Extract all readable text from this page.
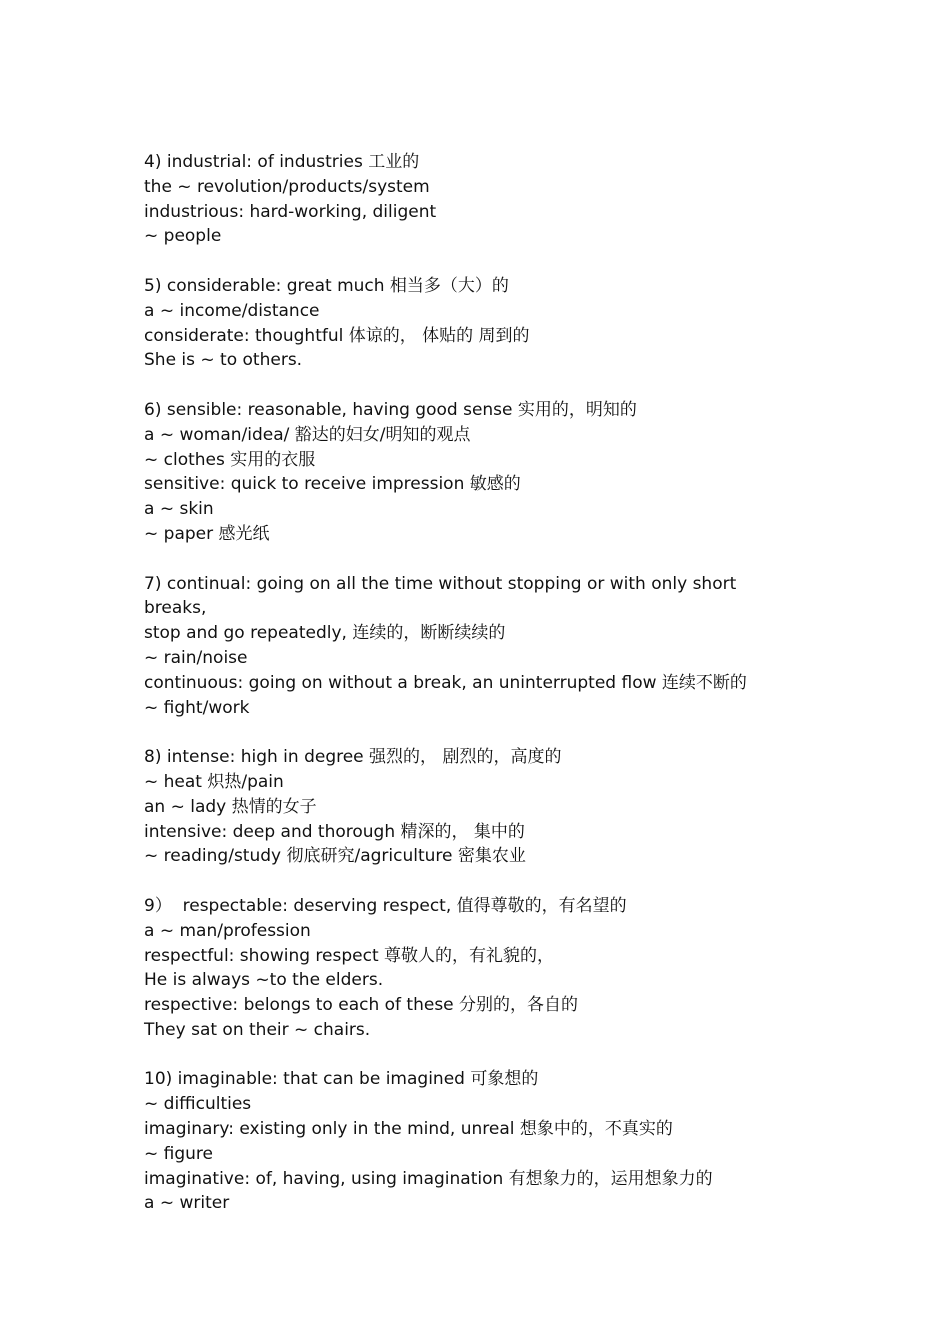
4) industrial: of industries 工业的
the ~ revolution/products/system
industrious: hard-working, diligent
~ people
5) considerable: great much 相当多（大）的
a ~ income/distance
considerate: thoughtful 体谅的， 体贴的 周到的
She is ~ to others.
6) sensible: reasonable, having good sense 实用的，明知的
a ~ woman/idea/ 豁达的妇女/明知的观点
~ clothes 实用的衣服
sensitive: quick to receive impression 敏感的
a ~ skin
~ paper 感光纸
7) continual: going on all the time without stopping or with only short
breaks,
stop and go repeatedly, 连续的，断断续续的
~ rain/noise
continuous: going on without a break, an uninterrupted flow 连续不断的
~ fight/work
8) intense: high in degree 强烈的， 剧烈的，高度的
~ heat 炽热/pain
an ~ lady 热情的女子
intensive: deep and thorough 精深的， 集中的
~ reading/study 彻底研究/agriculture 密集农业
9）  respectable: deserving respect, 值得尊敬的，有名望的
a ~ man/profession
respectful: showing respect 尊敬人的，有礼貌的，
He is always ~to the elders.
respective: belongs to each of these 分别的，各自的
They sat on their ~ chairs.
10) imaginable: that can be imagined 可象想的
~ difficulties
imaginary: existing only in the mind, unreal 想象中的，不真实的
~ figure
imaginative: of, having, using imagination 有想象力的，运用想象力的
a ~ writer
